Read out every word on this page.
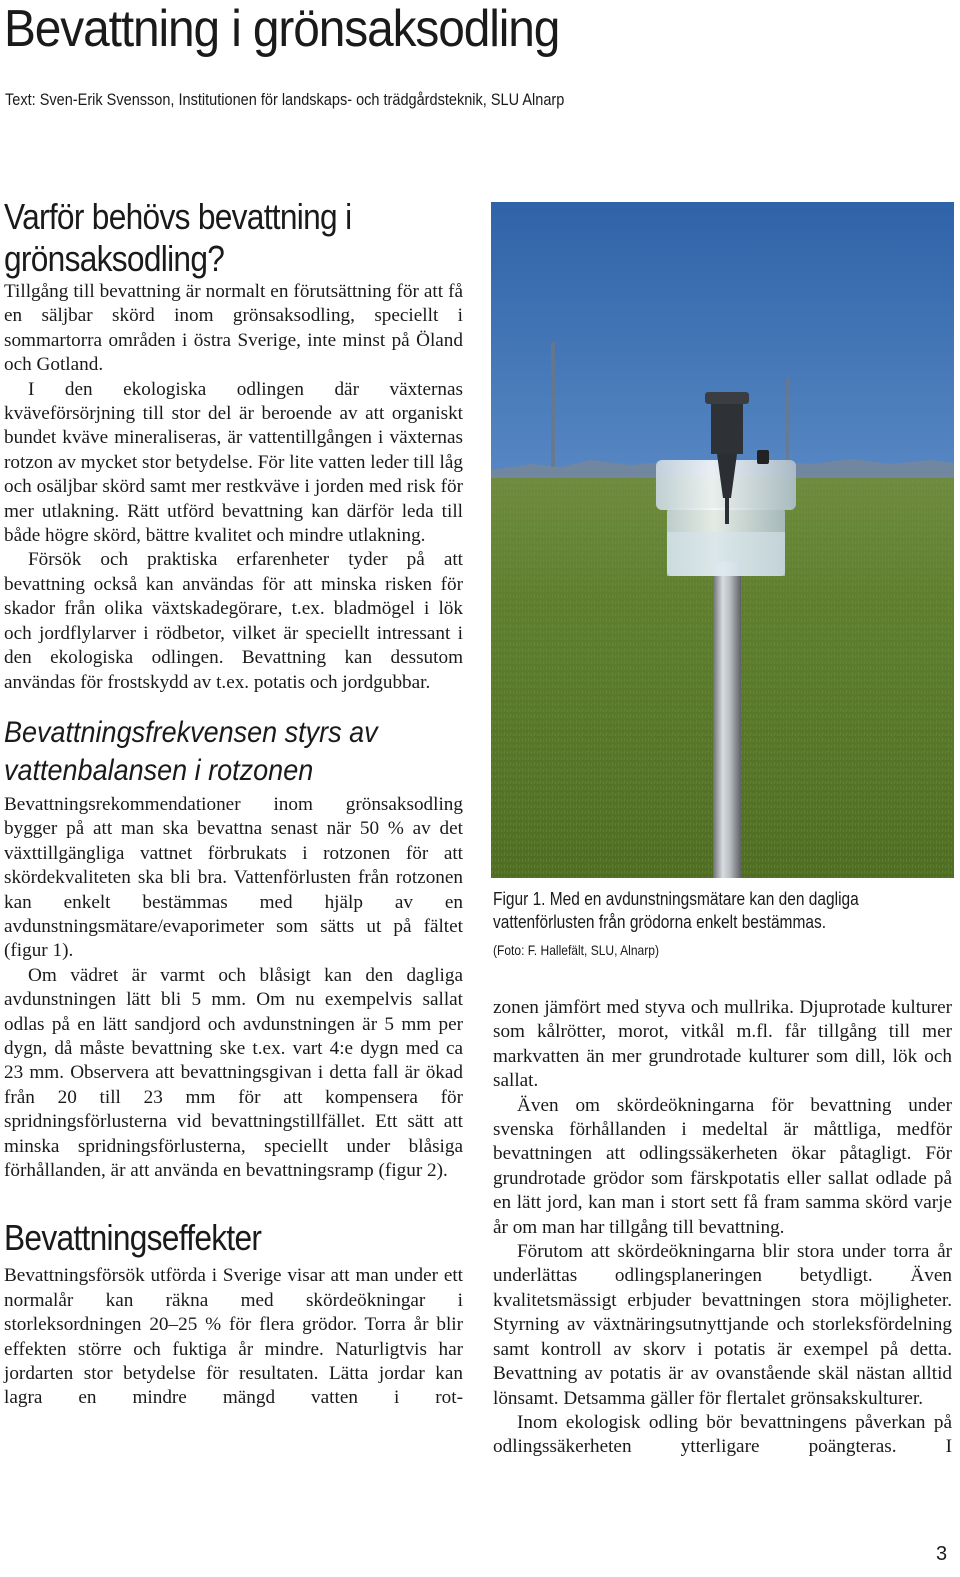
Bevattning i grönsaksodling
Text: Sven-Erik Svensson, Institutionen för landskaps- och trädgårdsteknik, SLU Alnarp
Varför behövs bevattning i grönsaksodling?

Tillgång till bevattning är normalt en förutsättning för att få en säljbar skörd inom grönsaksodling, speciellt i sommartorra områden i östra Sverige, inte minst på Öland och Gotland.

I den ekologiska odlingen där växternas kväveförsörjning till stor del är beroende av att organiskt bundet kväve mineraliseras, är vattentillgången i växternas rotzon av mycket stor betydelse. För lite vatten leder till låg och osäljbar skörd samt mer restkväve i jorden med risk för mer utlakning. Rätt utförd bevattning kan därför leda till både högre skörd, bättre kvalitet och mindre utlakning.

Försök och praktiska erfarenheter tyder på att bevattning också kan användas för att minska risken för skador från olika växtskadegörare, t.ex. bladmögel i lök och jordflylarver i rödbetor, vilket är speciellt intressant i den ekologiska odlingen. Bevattning kan dessutom användas för frostskydd av t.ex. potatis och jordgubbar.

Bevattningsfrekvensen styrs av vattenbalansen i rotzonen

Bevattningsrekommendationer inom grönsaksodling bygger på att man ska bevattna senast när 50 % av det växttillgängliga vattnet förbrukats i rotzonen för att skördekvaliteten ska bli bra. Vattenförlusten från rotzonen kan enkelt bestämmas med hjälp av en avdunstningsmätare/evaporimeter som sätts ut på fältet (figur 1).

Om vädret är varmt och blåsigt kan den dagliga avdunstningen lätt bli 5 mm. Om nu exempelvis sallat odlas på en lätt sandjord och avdunstningen är 5 mm per dygn, då måste bevattning ske t.ex. vart 4:e dygn med ca 23 mm. Observera att bevattningsgivan i detta fall är ökad från 20 till 23 mm för att kompensera för spridningsförlusterna vid bevattningstillfället. Ett sätt att minska spridningsförlusterna, speciellt under blåsiga förhållanden, är att använda en bevattningsramp (figur 2).

Bevattningseffekter

Bevattningsförsök utförda i Sverige visar att man under ett normalår kan räkna med skördeökningar i storleksordningen 20–25 % för flera grödor. Torra år blir effekten större och fuktiga år mindre. Naturligtvis har jordarten stor betydelse för resultaten. Lätta jordar kan lagra en mindre mängd vatten i rot-

Figur 1. Med en avdunstningsmätare kan den dagliga vattenförlusten från grödorna enkelt bestämmas.
(Foto: F. Hallefält, SLU, Alnarp)

zonen jämfört med styva och mullrika. Djuprotade kulturer som kålrötter, morot, vitkål m.fl. får tillgång till mer markvatten än mer grundrotade kulturer som dill, lök och sallat.

Även om skördeökningarna för bevattning under svenska förhållanden i medeltal är måttliga, medför bevattningen att odlingssäkerheten ökar påtagligt. För grundrotade grödor som färskpotatis eller sallat odlade på en lätt jord, kan man i stort sett få fram samma skörd varje år om man har tillgång till bevattning.

Förutom att skördeökningarna blir stora under torra år underlättas odlingsplaneringen betydligt. Även kvalitetsmässigt erbjuder bevattningen stora möjligheter. Styrning av växtnäringsutnyttjande och storleksfördelning samt kontroll av skorv i potatis är exempel på detta. Bevattning av potatis är av ovanstående skäl nästan alltid lönsamt. Detsamma gäller för flertalet grönsakskulturer.

Inom ekologisk odling bör bevattningens påverkan på odlingssäkerheten ytterligare poängteras. I

3
